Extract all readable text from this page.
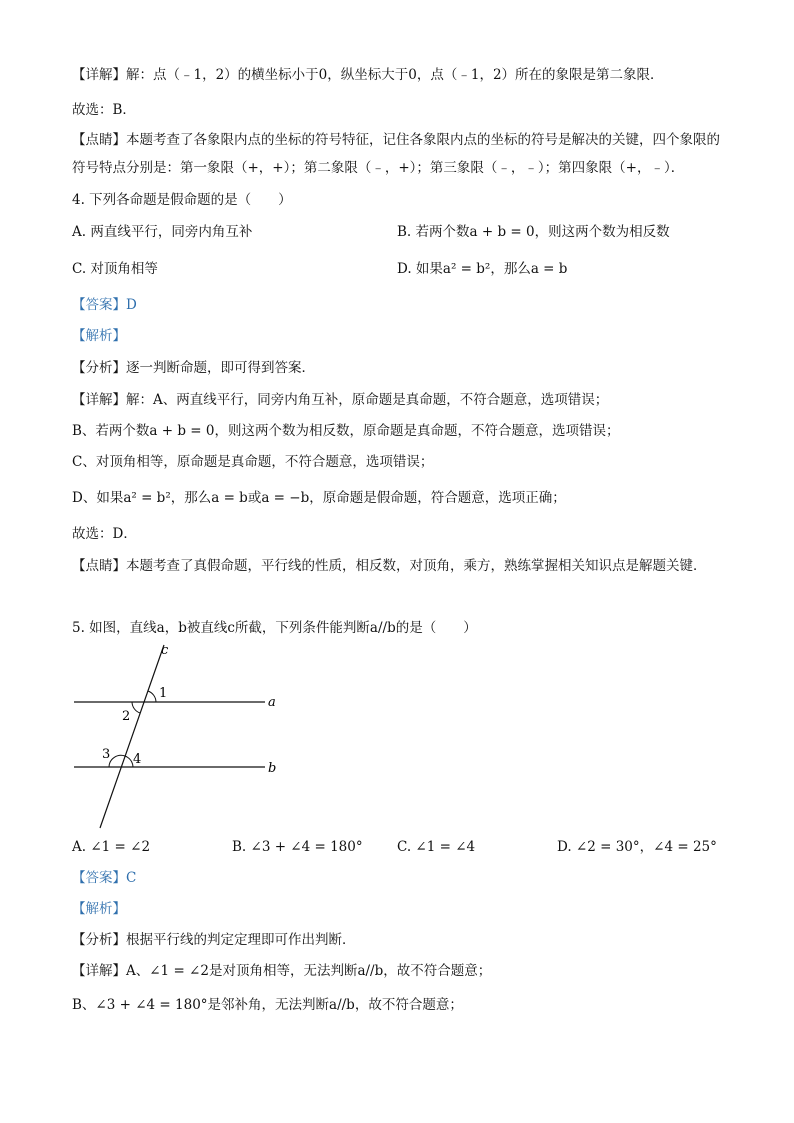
【详解】解：点（﹣1，2）的横坐标小于0，纵坐标大于0，点（﹣1，2）所在的象限是第二象限．
故选：B．
【点睛】本题考查了各象限内点的坐标的符号特征，记住各象限内点的坐标的符号是解决的关键，四个象限的符号特点分别是：第一象限（+，+）；第二象限（﹣，+）；第三象限（﹣，﹣）；第四象限（+，﹣）．
4. 下列各命题是假命题的是（　　）
A. 两直线平行，同旁内角互补	B. 若两个数a + b = 0，则这两个数为相反数
C. 对顶角相等	D. 如果a² = b²，那么a = b
【答案】D
【解析】
【分析】逐一判断命题，即可得到答案．
【详解】解：A、两直线平行，同旁内角互补，原命题是真命题，不符合题意，选项错误；
B、若两个数a + b = 0，则这两个数为相反数，原命题是真命题，不符合题意，选项错误；
C、对顶角相等，原命题是真命题，不符合题意，选项错误；
D、如果a² = b²，那么a = b或a = −b，原命题是假命题，符合题意，选项正确；
故选：D．
【点睛】本题考查了真假命题，平行线的性质，相反数，对顶角，乘方，熟练掌握相关知识点是解题关键．
5. 如图，直线a，b被直线c所截，下列条件能判断a//b的是（　　）
c
a
b
1
2
3 4
A. ∠1 = ∠2	B. ∠3 + ∠4 = 180°	C. ∠1 = ∠4	D. ∠2 = 30°，∠4 = 25°
【答案】C
【解析】
【分析】根据平行线的判定定理即可作出判断．
【详解】A、∠1 = ∠2是对顶角相等，无法判断a//b，故不符合题意；
B、∠3 + ∠4 = 180°是邻补角，无法判断a//b，故不符合题意；
